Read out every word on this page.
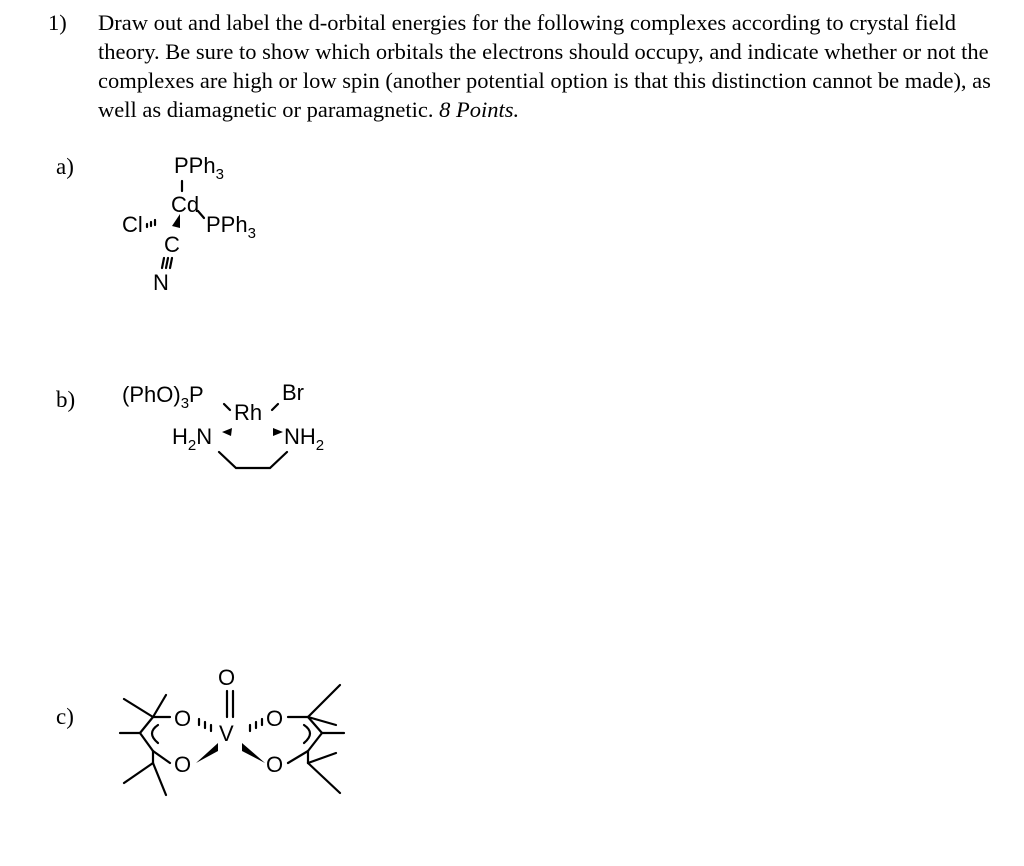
1) Draw out and label the d-orbital energies for the following complexes according to crystal field theory. Be sure to show which orbitals the electrons should occupy, and indicate whether or not the complexes are high or low spin (another potential option is that this distinction cannot be made), as well as diamagnetic or paramagnetic. 8 Points.
a)
b)
c)
PPh$_3$
Cd
Cl	PPh$_3$
C
N
$(PhO)_3P$	Br
Rh
$H_2N$	$NH_2$
O
V
O
O
O
O
